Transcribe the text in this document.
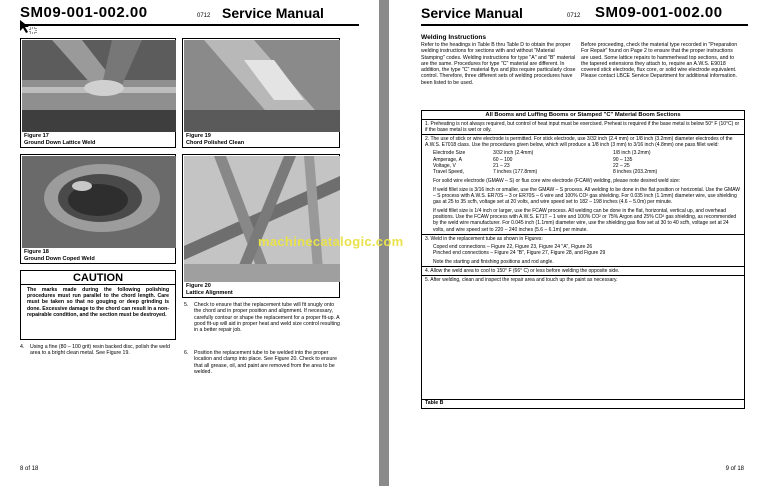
SM09-001-002.00	0712 Service Manual
Figure 17
Ground Down Lattice Weld
Figure 18
Ground Down Coped Weld
CAUTION
The marks made during the following polishing procedures must run parallel to the chord length. Care must be taken so that no gouging or deep grinding is done. Excessive damage to the chord can result in a non-repairable condition, and the section must be destroyed.
4. Using a fine (80 – 100 grit) resin backed disc, polish the weld area to a bright clean metal. See Figure 19.
Figure 19
Chord Polished Clean
Figure 20
Lattice Alignment
5. Check to ensure that the replacement tube will fit snugly onto the chord and in proper position and alignment. If necessary, carefully contour or shape the replacement for a proper fit-up. A good fit-up will aid in proper heat and weld size control resulting in a better repair job.
6. Position the replacement tube to be welded into the proper location and clamp into place. See Figure 20. Check to ensure that all grease, oil, and paint are removed from the area to be welded.
8 of 18
Service Manual	0712 SM09-001-002.00
Welding Instructions
Refer to the headings in Table B thru Table D to obtain the proper welding instructions for sections with and without "Material Stamping" codes. Welding instructions for type "A" and "B" material are the same. Procedures for type "C" material are different. In addition, the type "C" material flys and jibs require particularly close control. Therefore, three different sets of welding procedures have been listed to be used.
Before proceeding, check the material type recorded in "Preparation For Repair" found on Page 2 to ensure that the proper instructions are used. Some lattice repairs to hammerhead top sections, and to the tapered extensions they attach to, require an A.W.S. E9018 covered stick electrode, flux core, or solid wire electrode equivalent. Please contact LBCE Service Department for additional information.
All Booms and Luffing Booms or Stamped "C" Material Boom Sections
1. Preheating is not always required, but control of heat input must be exercised. Preheat is required if the base metal is below 50° F (10°C) or if the base metal is wet or oily.
2. The use of stick or wire electrode is permitted. For stick electrode, use 3/32 inch (2.4 mm) or 1/8 inch (3.2mm) diameter electrodes of the A.W.S. E7018 class. Use the procedures given below, which will produce a 1/8 inch (3 mm) to 3/16 inch (4.8mm) one pass fillet weld:
Electrode Size	3/32 inch (2.4mm)	1/8 inch (3.2mm)
Amperage, A	60 – 100	90 – 135
Voltage, V	21 – 23	22 – 25
Travel Speed,	7 inches (177.8mm)	8 inches (203.2mm)
For solid wire electrode (GMAW – S) or flux core wire electrode (FCAW) welding, please note desired weld size:
If weld fillet size is 3/16 inch or smaller, use the GMAW – S process. All welding to be done in the flat position or horizontal. Use the GMAW – S process with A.W.S. ER70S – 3 or ER70S – 6 wire and 100% CO² gas shielding. For 0.035 inch (1.1mm) diameter wire, use shielding gas at 25 to 35 scfh, voltage set at 20 volts, and wire speed set to 182 – 198 inches (4.6 – 5.0m) per minute.
If weld fillet size is 1/4 inch or larger, use the FCAW process. All welding can be done in the flat, horizontal, vertical up, and overhead positions. Use the FCAW process with A.W.S. E71T – 1 wire and 100% CO² or 75% Argon and 25% CO² gas shielding, as recommended by the weld wire manufacturer. For 0.045 inch (1.1mm) diameter wire, use the shielding gas flow set at 30 to 40 scfh, voltage set at 24 volts, and wire speed set to 220 – 240 inches (5.6 – 6.1m) per minute.
3. Weld in the replacement tube as shown in Figures:
Coped end connections – Figure 22, Figure 23, Figure 24 "A", Figure 26
Pinched end connections – Figure 24 "B", Figure 27, Figure 28, and Figure 29
Note the starting and finishing positions and rod angle.
4. Allow the weld area to cool to 150° F (66° C) or less before welding the opposite side.
5. After welding, clean and inspect the repair area and touch up the paint as necessary.
Table B
9 of 18
machinecatalogic.com
